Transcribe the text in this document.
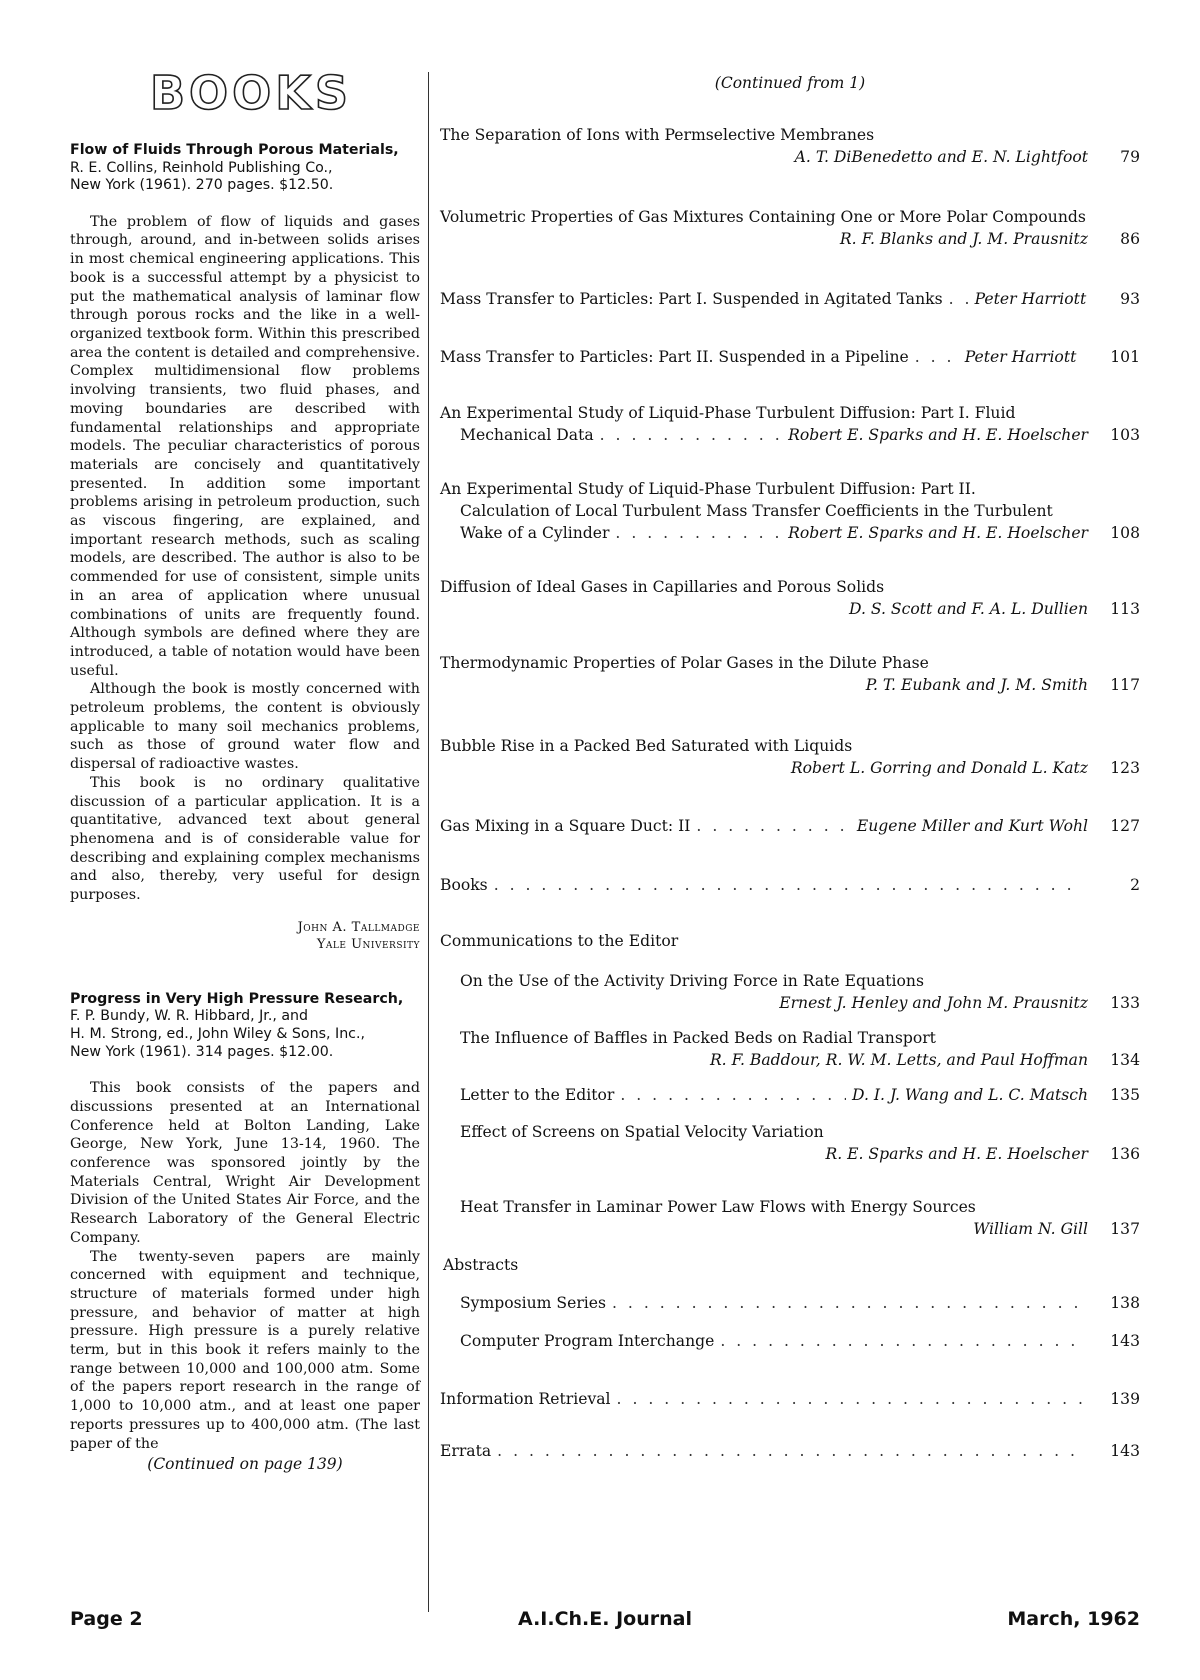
BOOKS
Flow of Fluids Through Porous Materials,
R. E. Collins, Reinhold Publishing Co.,
New York (1961). 270 pages. $12.50.

The problem of flow of liquids and gases through, around, and in-between solids arises in most chemical engineering applications. This book is a successful attempt by a physicist to put the mathematical analysis of laminar flow through porous rocks and the like in a well-organized textbook form. Within this prescribed area the content is detailed and comprehensive. Complex multidimensional flow problems involving transients, two fluid phases, and moving boundaries are described with fundamental relationships and appropriate models. The peculiar characteristics of porous materials are concisely and quantitatively presented. In addition some important problems arising in petroleum production, such as viscous fingering, are explained, and important research methods, such as scaling models, are described. The author is also to be commended for use of consistent, simple units in an area of application where unusual combinations of units are frequently found. Although symbols are defined where they are introduced, a table of notation would have been useful.

Although the book is mostly concerned with petroleum problems, the content is obviously applicable to many soil mechanics problems, such as those of ground water flow and dispersal of radioactive wastes.

This book is no ordinary qualitative discussion of a particular application. It is a quantitative, advanced text about general phenomena and is of considerable value for describing and explaining complex mechanisms and also, thereby, very useful for design purposes.

John A. Tallmadge
Yale University
Progress in Very High Pressure Research,
F. P. Bundy, W. R. Hibbard, Jr., and
H. M. Strong, ed., John Wiley & Sons, Inc.,
New York (1961). 314 pages. $12.00.

This book consists of the papers and discussions presented at an International Conference held at Bolton Landing, Lake George, New York, June 13-14, 1960. The conference was sponsored jointly by the Materials Central, Wright Air Development Division of the United States Air Force, and the Research Laboratory of the General Electric Company.

The twenty-seven papers are mainly concerned with equipment and technique, structure of materials formed under high pressure, and behavior of matter at high pressure. High pressure is a purely relative term, but in this book it refers mainly to the range between 10,000 and 100,000 atm. Some of the papers report research in the range of 1,000 to 10,000 atm., and at least one paper reports pressures up to 400,000 atm. (The last paper of the

(Continued on page 139)
(Continued from 1)
The Separation of Ions with Permselective Membranes
A. T. DiBenedetto and E. N. Lightfoot	79
Volumetric Properties of Gas Mixtures Containing One or More Polar Compounds
R. F. Blanks and J. M. Prausnitz	86
Mass Transfer to Particles: Part I. Suspended in Agitated Tanks . . . Peter Harriott	93
Mass Transfer to Particles: Part II. Suspended in a Pipeline . . .	Peter Harriott	101
An Experimental Study of Liquid-Phase Turbulent Diffusion: Part I. Fluid
Mechanical Data . . .	Robert E. Sparks and H. E. Hoelscher	103
An Experimental Study of Liquid-Phase Turbulent Diffusion: Part II.
Calculation of Local Turbulent Mass Transfer Coefficients in the Turbulent
Wake of a Cylinder . . .	Robert E. Sparks and H. E. Hoelscher	108
Diffusion of Ideal Gases in Capillaries and Porous Solids
D. S. Scott and F. A. L. Dullien	113
Thermodynamic Properties of Polar Gases in the Dilute Phase
P. T. Eubank and J. M. Smith	117
Bubble Rise in a Packed Bed Saturated with Liquids
Robert L. Gorring and Donald L. Katz	123
Gas Mixing in a Square Duct: II . . .	Eugene Miller and Kurt Wohl	127
Books . . .	2
Communications to the Editor
On the Use of the Activity Driving Force in Rate Equations
Ernest J. Henley and John M. Prausnitz	133
The Influence of Baffles in Packed Beds on Radial Transport
R. F. Baddour, R. W. M. Letts, and Paul Hoffman	134
Letter to the Editor . . .	D. I. J. Wang and L. C. Matsch	135
Effect of Screens on Spatial Velocity Variation
R. E. Sparks and H. E. Hoelscher	136
Heat Transfer in Laminar Power Law Flows with Energy Sources
William N. Gill	137
Abstracts
Symposium Series . . .	138
Computer Program Interchange . . .	143
Information Retrieval . . .	139
Errata . . .	143
Page 2	A.I.Ch.E. Journal	March, 1962
